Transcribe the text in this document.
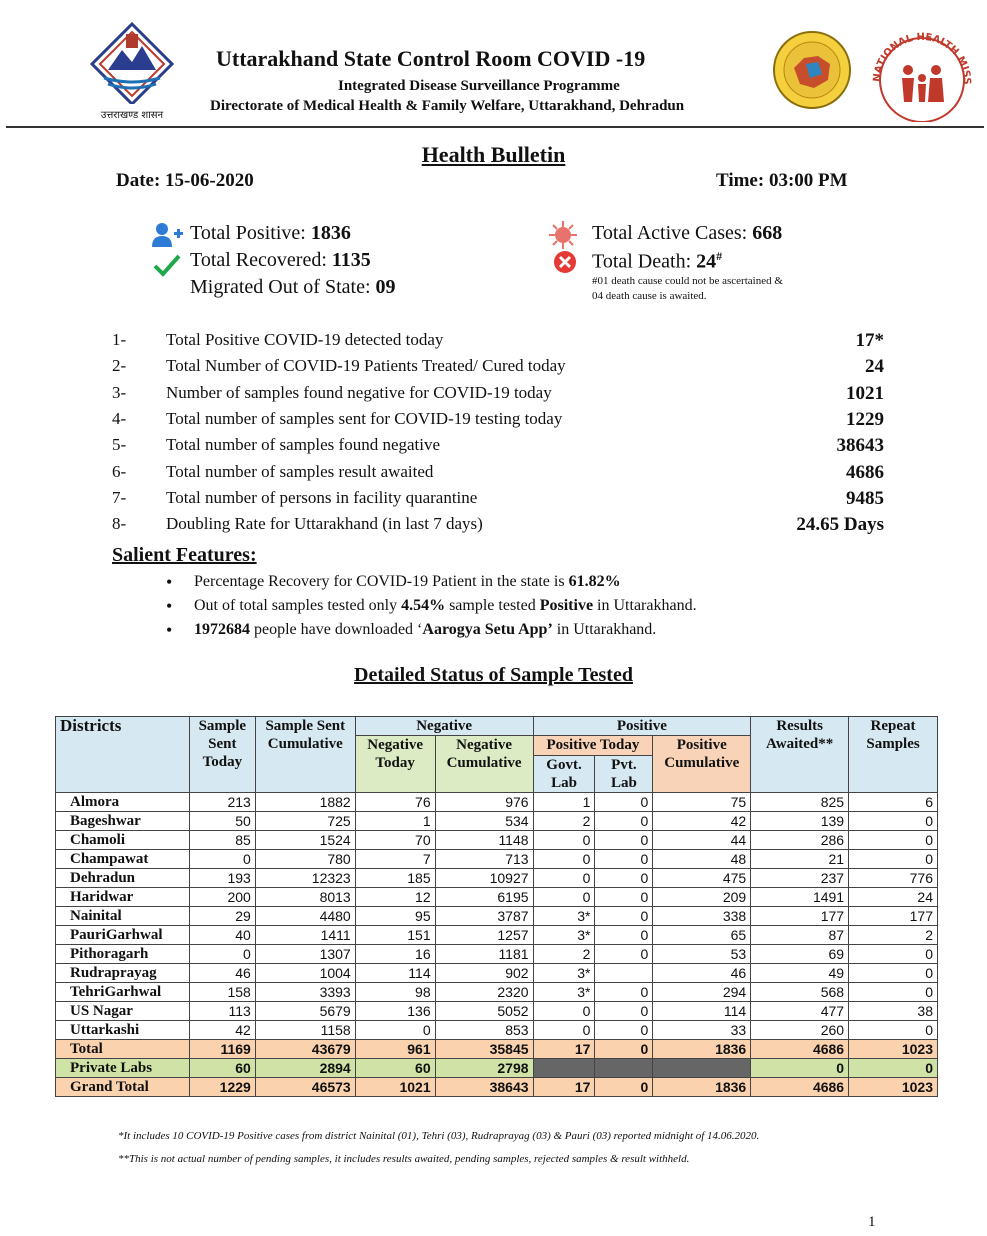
उत्तराखण्ड शासन
Uttarakhand State Control Room COVID -19
Integrated Disease Surveillance Programme
Directorate of Medical Health & Family Welfare, Uttarakhand, Dehradun
NATIONAL HEALTH MISS
Health Bulletin
Date: 15-06-2020	Time: 03:00 PM
Total Positive: 1836
Total Recovered: 1135
Migrated Out of State: 09
Total Active Cases: 668
Total Death: 24#
#01 death cause could not be ascertained &
04 death cause is awaited.
1- Total Positive COVID-19 detected today	17*
2- Total Number of COVID-19 Patients Treated/ Cured today	24
3- Number of samples found negative for COVID-19 today	1021
4- Total number of samples sent for COVID-19 testing today	1229
5- Total number of samples found negative	38643
6- Total number of samples result awaited	4686
7- Total number of persons in facility quarantine	9485
8- Doubling Rate for Uttarakhand (in last 7 days)	24.65 Days
Salient Features:
• Percentage Recovery for COVID-19 Patient in the state is 61.82%
• Out of total samples tested only 4.54% sample tested Positive in Uttarakhand.
• 1972684 people have downloaded ‘Aarogya Setu App’ in Uttarakhand.
Detailed Status of Sample Tested
Districts	Sample Sent Today	Sample Sent Cumulative	Negative		Positive			Results Awaited**	Repeat Samples
			Negative Today	Negative Cumulative	Positive Today		Positive Cumulative		
					Govt. Lab	Pvt. Lab			
Almora	213	1882	76	976	1	0	75	825	6
Bageshwar	50	725	1	534	2	0	42	139	0
Chamoli	85	1524	70	1148	0	0	44	286	0
Champawat	0	780	7	713	0	0	48	21	0
Dehradun	193	12323	185	10927	0	0	475	237	776
Haridwar	200	8013	12	6195	0	0	209	1491	24
Nainital	29	4480	95	3787	3*	0	338	177	177
PauriGarhwal	40	1411	151	1257	3*	0	65	87	2
Pithoragarh	0	1307	16	1181	2	0	53	69	0
Rudraprayag	46	1004	114	902	3*		46	49	0
TehriGarhwal	158	3393	98	2320	3*	0	294	568	0
US Nagar	113	5679	136	5052	0	0	114	477	38
Uttarkashi	42	1158	0	853	0	0	33	260	0
Total	1169	43679	961	35845	17	0	1836	4686	1023
Private Labs	60	2894	60	2798				0	0
Grand Total	1229	46573	1021	38643	17	0	1836	4686	1023
*It includes 10 COVID-19 Positive cases from district Nainital (01), Tehri (03), Rudraprayag (03) & Pauri (03) reported midnight of 14.06.2020.
**This is not actual number of pending samples, it includes results awaited, pending samples, rejected samples & result withheld.
1
